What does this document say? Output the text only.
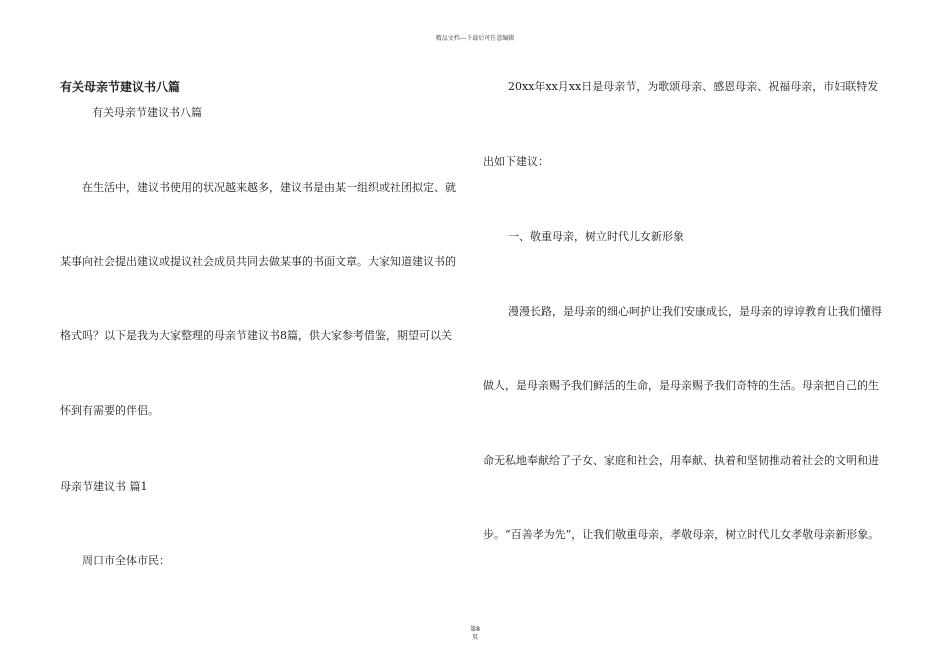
精品文档---下载后可任意编辑
有关母亲节建议书八篇
有关母亲节建议书八篇
在生活中，建议书使用的状况越来越多，建议书是由某一组织或社团拟定、就
某事向社会提出建议或提议社会成员共同去做某事的书面文章。大家知道建议书的
格式吗？以下是我为大家整理的母亲节建议书8篇，供大家参考借鉴，期望可以关
怀到有需要的伴侣。
母亲节建议书 篇1
周口市全体市民：
20xx年xx月xx日是母亲节，为歌颂母亲、感恩母亲、祝福母亲，市妇联特发
出如下建议：
一、敬重母亲，树立时代儿女新形象
漫漫长路，是母亲的细心呵护让我们安康成长，是母亲的谆谆教育让我们懂得
做人，是母亲赐予我们鲜活的生命，是母亲赐予我们奇特的生活。母亲把自己的生
命无私地奉献给了子女、家庭和社会，用奉献、执着和坚韧推动着社会的文明和进
步。“百善孝为先”，让我们敬重母亲，孝敬母亲，树立时代儿女孝敬母亲新形象。
第8
页
